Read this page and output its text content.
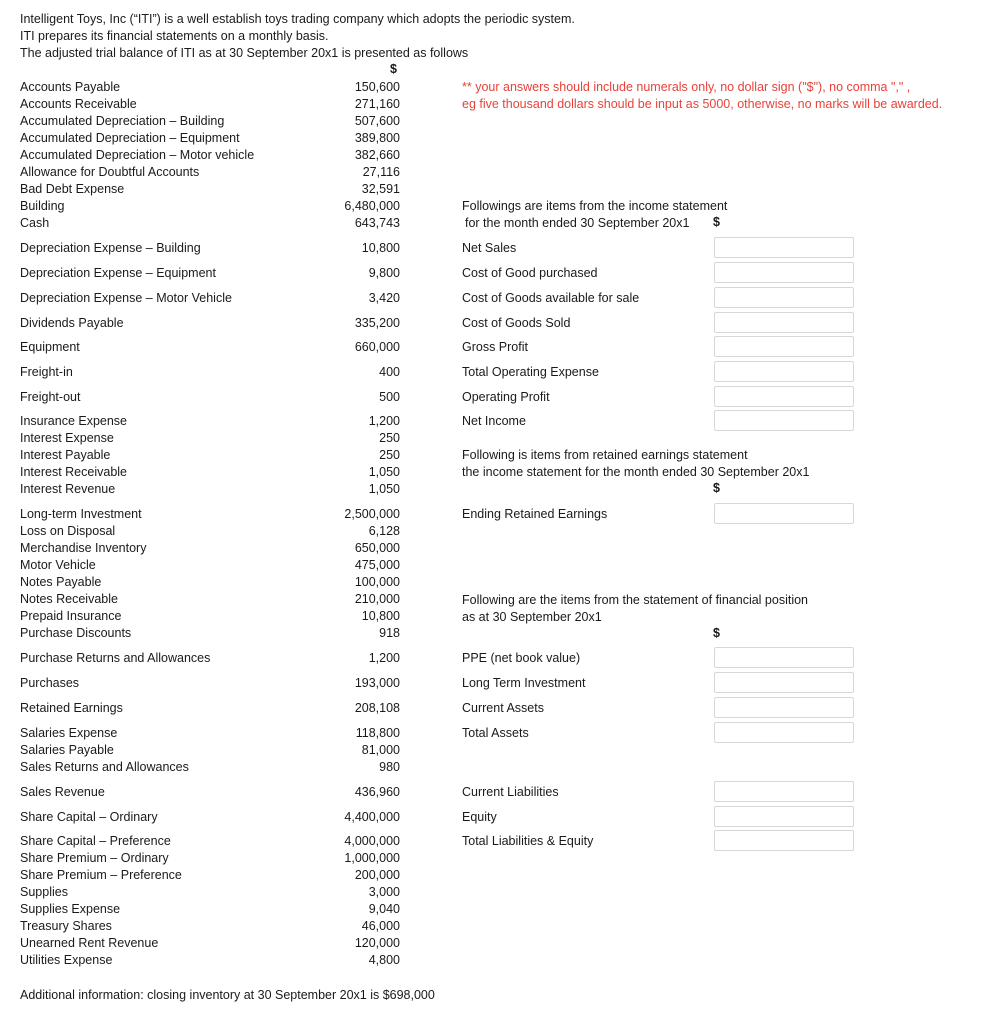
Intelligent Toys, Inc (“ITI”) is a well establish toys trading company which adopts the periodic system.
ITI prepares its financial statements on a monthly basis.
The adjusted trial balance of ITI as at 30 September 20x1 is presented as follows
$
Accounts Payable	150,600
Accounts Receivable	271,160
Accumulated Depreciation – Building	507,600
Accumulated Depreciation – Equipment	389,800
Accumulated Depreciation – Motor vehicle	382,660
Allowance for Doubtful Accounts	27,116
Bad Debt Expense	32,591
Building	6,480,000
Cash	643,743
Depreciation Expense – Building	10,800
Depreciation Expense – Equipment	9,800
Depreciation Expense – Motor Vehicle	3,420
Dividends Payable	335,200
Equipment	660,000
Freight-in	400
Freight-out	500
Insurance Expense	1,200
Interest Expense	250
Interest Payable	250
Interest Receivable	1,050
Interest Revenue	1,050
Long-term Investment	2,500,000
Loss on Disposal	6,128
Merchandise Inventory	650,000
Motor Vehicle	475,000
Notes Payable	100,000
Notes Receivable	210,000
Prepaid Insurance	10,800
Purchase Discounts	918
Purchase Returns and Allowances	1,200
Purchases	193,000
Retained Earnings	208,108
Salaries Expense	118,800
Salaries Payable	81,000
Sales Returns and Allowances	980
Sales Revenue	436,960
Share Capital – Ordinary	4,400,000
Share Capital – Preference	4,000,000
Share Premium – Ordinary	1,000,000
Share Premium – Preference	200,000
Supplies	3,000
Supplies Expense	9,040
Treasury Shares	46,000
Unearned Rent Revenue	120,000
Utilities Expense	4,800
** your answers should include numerals only, no dollar sign ("$"), no comma "," ,
eg five thousand dollars should be input as 5000, otherwise, no marks will be awarded.
Followings are items from the income statement
for the month ended 30 September 20x1 $
Net Sales
Cost of Good purchased
Cost of Goods available for sale
Cost of Goods Sold
Gross Profit
Total Operating Expense
Operating Profit
Net Income
Following is items from retained earnings statement
the income statement for the month ended 30 September 20x1
$
Ending Retained Earnings
Following are the items from the statement of financial position
as at 30 September 20x1
$
PPE (net book value)
Long Term Investment
Current Assets
Total Assets
Current Liabilities
Equity
Total Liabilities & Equity
Additional information: closing inventory at 30 September 20x1 is $698,000
